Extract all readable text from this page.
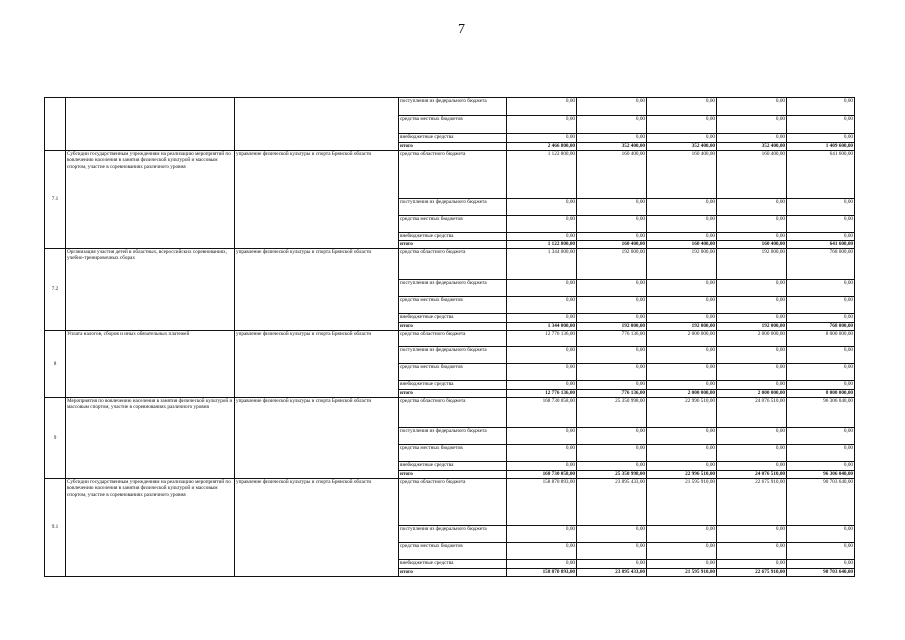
7
			поступления из федерального бюджета	0,00	0,00	0,00	0,00	0,00
			средства местных бюджетов	0,00	0,00	0,00	0,00	0,00
			внебюджетные средства	0,00	0,00	0,00	0,00	0,00
			итого	2 466 800,00	352 400,00	352 400,00	352 400,00	1 409 600,00
7.1	Субсидии государственным учреждениям на реализацию мероприятий по вовлечению населения в занятия физической культурой и массовым спортом, участие в соревнованиях различного уровня	управление физической культуры и спорта Брянской области	средства областного бюджета	1 122 800,00	160 400,00	160 400,00	160 400,00	641 600,00
			поступления из федерального бюджета	0,00	0,00	0,00	0,00	0,00
			средства местных бюджетов	0,00	0,00	0,00	0,00	0,00
			внебюджетные средства	0,00	0,00	0,00	0,00	0,00
			итого	1 122 800,00	160 400,00	160 400,00	160 400,00	641 600,00
7.2	Организация участия детей в областных, всероссийских соревнованиях, учебно-тренировочных сборах	управление физической культуры и спорта Брянской области	средства областного бюджета	1 344 000,00	192 000,00	192 000,00	192 000,00	768 000,00
			поступления из федерального бюджета	0,00	0,00	0,00	0,00	0,00
			средства местных бюджетов	0,00	0,00	0,00	0,00	0,00
			внебюджетные средства	0,00	0,00	0,00	0,00	0,00
			итого	1 344 000,00	192 000,00	192 000,00	192 000,00	768 000,00
8	Уплата налогов, сборов и иных обязательных платежей	управление физической культуры и спорта Брянской области	средства областного бюджета	12 776 136,00	776 136,00	2 000 000,00	2 000 000,00	8 000 000,00
			поступления из федерального бюджета	0,00	0,00	0,00	0,00	0,00
			средства местных бюджетов	0,00	0,00	0,00	0,00	0,00
			внебюджетные средства	0,00	0,00	0,00	0,00	0,00
			итого	12 776 136,00	776 136,00	2 000 000,00	2 000 000,00	8 000 000,00
9	Мероприятия по вовлечению населения в занятия физической культурой и массовым спортом, участие в соревнованиях различного уровня	управление физической культуры и спорта Брянской области	средства областного бюджета	168 730 058,00	25 350 998,00	22 996 510,00	24 076 510,00	96 306 040,00
			поступления из федерального бюджета	0,00	0,00	0,00	0,00	0,00
			средства местных бюджетов	0,00	0,00	0,00	0,00	0,00
			внебюджетные средства	0,00	0,00	0,00	0,00	0,00
			итого	168 730 058,00	25 350 998,00	22 996 510,00	24 076 510,00	96 306 040,00
9.1	Субсидии государственным учреждениям на реализацию мероприятий по вовлечению населения в занятия физической культурой и массовым спортом, участие в соревнованиях различного уровня	управление физической культуры и спорта Брянской области	средства областного бюджета	158 870 893,00	23 895 433,00	21 595 910,00	22 675 910,00	90 703 640,00
			поступления из федерального бюджета	0,00	0,00	0,00	0,00	0,00
			средства местных бюджетов	0,00	0,00	0,00	0,00	0,00
			внебюджетные средства	0,00	0,00	0,00	0,00	0,00
			итого	158 870 893,00	23 895 433,00	21 595 910,00	22 675 910,00	90 703 640,00
